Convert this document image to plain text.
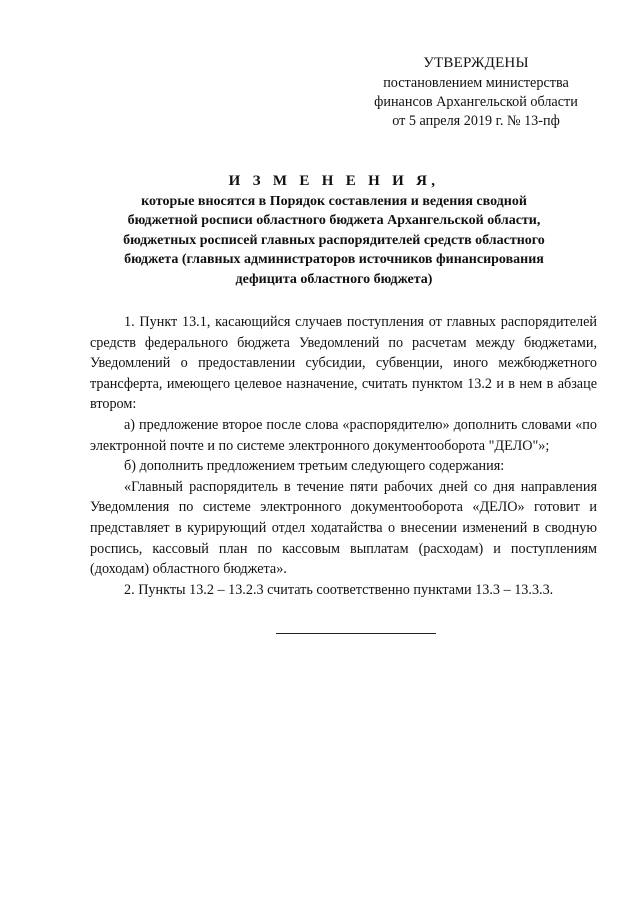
УТВЕРЖДЕНЫ
постановлением министерства
финансов Архангельской области
от 5 апреля 2019 г. № 13-пф
И З М Е Н Е Н И Я,
которые вносятся в Порядок составления и ведения сводной
бюджетной росписи областного бюджета Архангельской области,
бюджетных росписей главных распорядителей средств областного
бюджета (главных администраторов источников финансирования
дефицита областного бюджета)

1. Пункт 13.1, касающийся случаев поступления от главных распорядителей средств федерального бюджета Уведомлений по расчетам между бюджетами, Уведомлений о предоставлении субсидии, субвенции, иного межбюджетного трансферта, имеющего целевое назначение, считать пунктом 13.2 и в нем в абзаце втором:

а) предложение второе после слова «распорядителю» дополнить словами «по электронной почте и по системе электронного документооборота "ДЕЛО"»;

б) дополнить предложением третьим следующего содержания:

«Главный распорядитель в течение пяти рабочих дней со дня направления Уведомления по системе электронного документооборота «ДЕЛО» готовит и представляет в курирующий отдел ходатайства о внесении изменений в сводную роспись, кассовый план по кассовым выплатам (расходам) и поступлениям (доходам) областного бюджета».

2. Пункты 13.2 – 13.2.3 считать соответственно пунктами 13.3 – 13.3.3.
